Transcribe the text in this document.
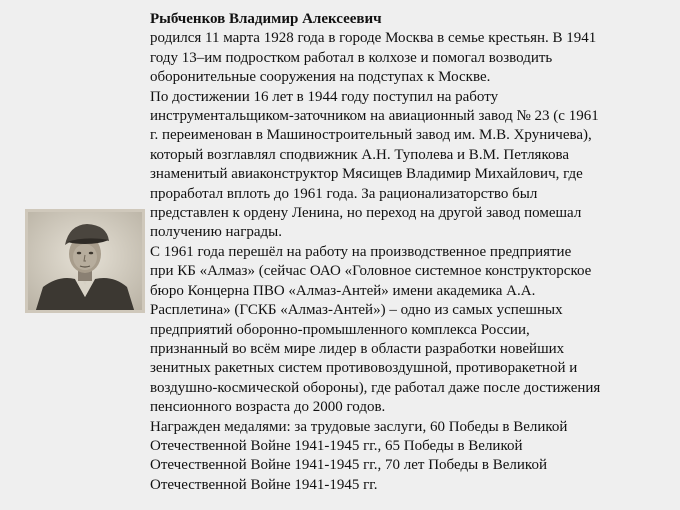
Рыбченков Владимир Алексеевич

родился 11 марта 1928 года в городе Москва в семье крестьян. В 1941
году 13–им подростком работал в колхозе и помогал возводить
оборонительные сооружения на подступах к Москве.

По достижении 16 лет в 1944 году поступил на работу
инструментальщиком-заточником на авиационный завод № 23 (с 1961
г. переименован в Машиностроительный завод им. М.В. Хруничева),
который возглавлял сподвижник А.Н. Туполева и В.М. Петлякова
знаменитый авиаконструктор Мясищев Владимир Михайлович, где
проработал вплоть до 1961 года. За рационализаторство был
представлен к ордену Ленина, но переход на другой завод помешал
получению награды.

С 1961 года перешёл на работу на производственное предприятие
при КБ «Алмаз» (сейчас ОАО «Головное системное конструкторское
бюро Концерна ПВО «Алмаз-Антей» имени академика А.А.
Расплетина» (ГСКБ «Алмаз-Антей») – одно из самых успешных
предприятий оборонно-промышленного комплекса России,
признанный во всём мире лидер в области разработки новейших
зенитных ракетных систем противовоздушной, противоракетной и
воздушно-космической обороны), где работал даже после достижения
пенсионного возраста до 2000 годов.

Награжден медалями: за трудовые заслуги, 60 Победы в Великой
Отечественной Войне 1941-1945 гг., 65 Победы в Великой
Отечественной Войне 1941-1945 гг., 70 лет Победы в Великой
Отечественной Войне 1941-1945 гг.
